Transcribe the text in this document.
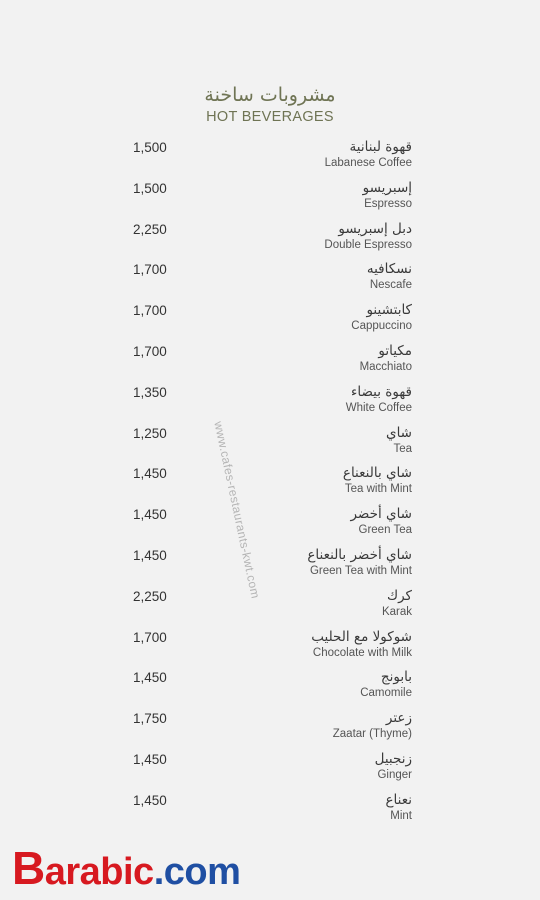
مشروبات ساخنة
HOT BEVERAGES
1,500	قهوة لبنانية
Labanese Coffee
1,500	إسبريسو
Espresso
2,250	دبل إسبريسو
Double Espresso
1,700	نسكافيه
Nescafe
1,700	كابتشينو
Cappuccino
1,700	مكياتو
Macchiato
1,350	قهوة بيضاء
White Coffee
1,250	شاي
Tea
1,450	شاي بالنعناع
Tea with Mint
1,450	شاي أخضر
Green Tea
1,450	شاي أخضر بالنعناع
Green Tea with Mint
2,250	كرك
Karak
1,700	شوكولا مع الحليب
Chocolate with Milk
1,450	بابونج
Camomile
1,750	زعتر
Zaatar (Thyme)
1,450	زنجبيل
Ginger
1,450	نعناع
Mint
www.cafes-restaurants-kwt.com
Barabic.com
